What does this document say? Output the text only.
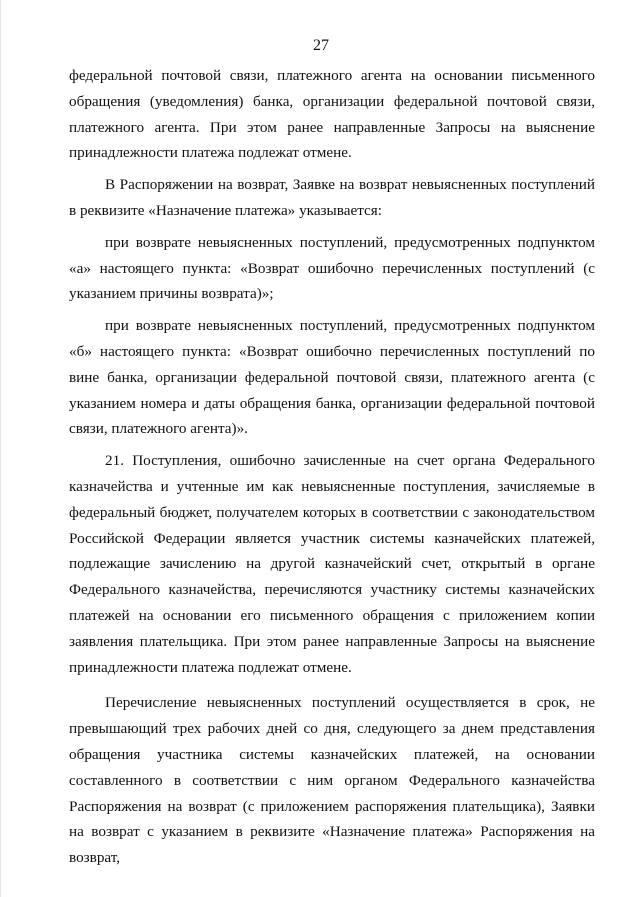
27

федеральной почтовой связи, платежного агента на основании письменного обращения (уведомления) банка, организации федеральной почтовой связи, платежного агента. При этом ранее направленные Запросы на выяснение принадлежности платежа подлежат отмене.

В Распоряжении на возврат, Заявке на возврат невыясненных поступлений в реквизите «Назначение платежа» указывается:

при возврате невыясненных поступлений, предусмотренных подпунктом «а» настоящего пункта: «Возврат ошибочно перечисленных поступлений (с указанием причины возврата)»;

при возврате невыясненных поступлений, предусмотренных подпунктом «б» настоящего пункта: «Возврат ошибочно перечисленных поступлений по вине банка, организации федеральной почтовой связи, платежного агента (с указанием номера и даты обращения банка, организации федеральной почтовой связи, платежного агента)».

21. Поступления, ошибочно зачисленные на счет органа Федерального казначейства и учтенные им как невыясненные поступления, зачисляемые в федеральный бюджет, получателем которых в соответствии с законодательством Российской Федерации является участник системы казначейских платежей, подлежащие зачислению на другой казначейский счет, открытый в органе Федерального казначейства, перечисляются участнику системы казначейских платежей на основании его письменного обращения с приложением копии заявления плательщика. При этом ранее направленные Запросы на выяснение принадлежности платежа подлежат отмене.

Перечисление невыясненных поступлений осуществляется в срок, не превышающий трех рабочих дней со дня, следующего за днем представления обращения участника системы казначейских платежей, на основании составленного в соответствии с ним органом Федерального казначейства Распоряжения на возврат (с приложением распоряжения плательщика), Заявки на возврат с указанием в реквизите «Назначение платежа» Распоряжения на возврат,
